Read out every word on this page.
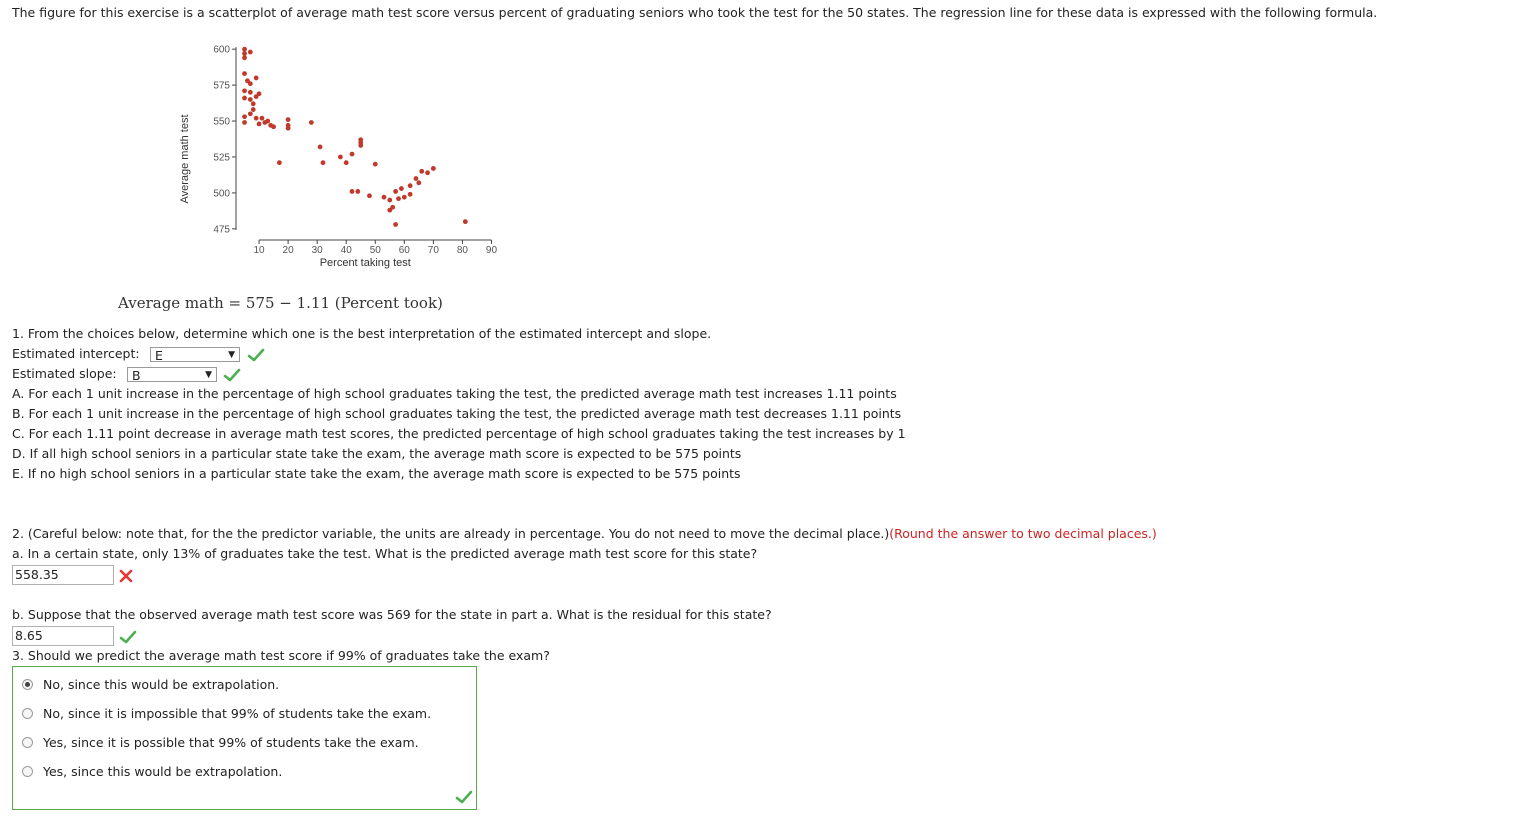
The figure for this exercise is a scatterplot of average math test score versus percent of graduating seniors who took the test for the 50 states. The regression line for these data is expressed with the following formula.
475
500
525
550
575
600
10 20 30 40 50 60 70 80 90
Percent taking test
Average math test
Average math = 575 − 1.11 (Percent took)
1. From the choices below, determine which one is the best interpretation of the estimated intercept and slope.
Estimated intercept:	E	▼
Estimated slope:	B	▼
A. For each 1 unit increase in the percentage of high school graduates taking the test, the predicted average math test increases 1.11 points
B. For each 1 unit increase in the percentage of high school graduates taking the test, the predicted average math test decreases 1.11 points
C. For each 1.11 point decrease in average math test scores, the predicted percentage of high school graduates taking the test increases by 1
D. If all high school seniors in a particular state take the exam, the average math score is expected to be 575 points
E. If no high school seniors in a particular state take the exam, the average math score is expected to be 575 points
2. (Careful below: note that, for the the predictor variable, the units are already in percentage. You do not need to move the decimal place.)(Round the answer to two decimal places.)
a. In a certain state, only 13% of graduates take the test. What is the predicted average math test score for this state?
558.35
b. Suppose that the observed average math test score was 569 for the state in part a. What is the residual for this state?
8.65
3. Should we predict the average math test score if 99% of graduates take the exam?
No, since this would be extrapolation.
No, since it is impossible that 99% of students take the exam.
Yes, since it is possible that 99% of students take the exam.
Yes, since this would be extrapolation.
